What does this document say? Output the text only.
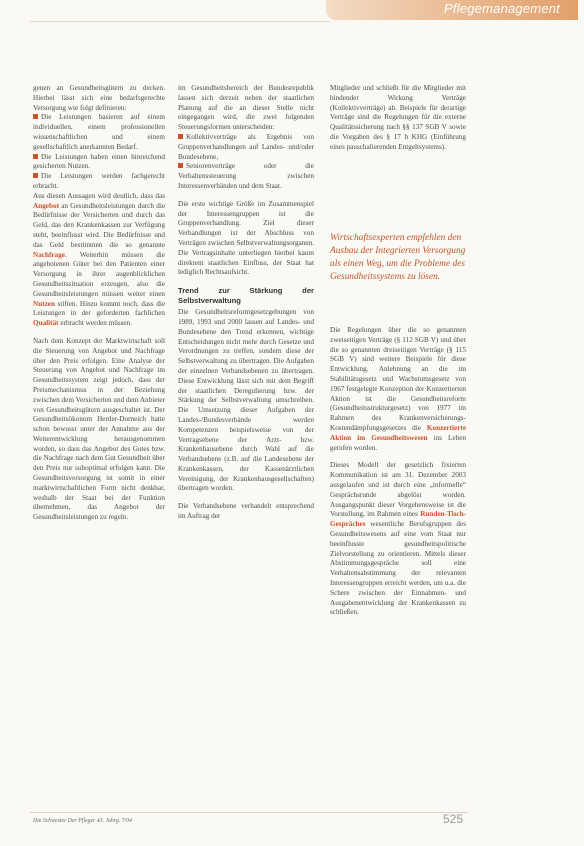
Pflegemanagement

genen an Gesundheitsgütern zu decken. Hierbei lässt sich eine bedarfsgerechte Versorgung wie folgt definieren:

Die Leistungen basieren auf einem individuellen, einem professionellen wissenschaftlichen und einem gesellschaftlich anerkannten Bedarf.

Die Leistungen haben einen hinreichend gesicherten Nutzen.

Die Leistungen werden fachgerecht erbracht.

Aus diesen Aussagen wird deutlich, dass das Angebot an Gesundheitsleistungen durch die Bedürfnisse der Versicherten und durch das Geld, das den Krankenkassen zur Verfügung steht, beeinflusst wird. Die Bedürfnisse und das Geld bestimmen die so genannte Nachfrage. Weiterhin müssen die angebotenen Güter bei den Patienten einer Versorgung in ihrer augenblicklichen Gesundheitssituation erzeugen, also die Gesundheitsleistungen müssen weiter einen Nutzen stiften. Hinzu kommt noch, dass die Leistungen in der geforderten fachlichen Qualität erbracht werden müssen.

Nach dem Konzept der Marktwirtschaft soll die Steuerung von Angebot und Nachfrage über den Preis erfolgen. Eine Analyse der Steuerung von Angebot und Nachfrage im Gesundheitssystem zeigt jedoch, dass der Preismechanismus in der Beziehung zwischen dem Versicherten und dem Anbieter von Gesundheitsgütern ausgeschaltet ist. Der Gesundheitsökonom Herder-Dorneich hatte schon bewusst unter der Annahme aus der Weiterentwicklung herausgenommen worden, so dass das Angebot des Gutes bzw. die Nachfrage nach dem Gut Gesundheit über den Preis nur suboptimal erfolgen kann. Die Gesundheitsversorgung ist somit in einer marktwirtschaftlichen Form nicht denkbar, weshalb der Staat bei der Funktion übernehmen, das Angebot der Gesundheitsleistungen zu regeln.

im Gesundheitsbereich der Bundesrepublik lassen sich derzeit neben der staatlichen Planung auf die an dieser Stelle nicht eingegangen wird, die zwei folgenden Steuerungsformen unterscheiden:

Kollektivverträge als Ergebnis von Gruppenverhandlungen auf Landes- und/oder Bundesebene,

Seniorenverträge oder die Verhaltenssteuerung zwischen Interessenverbänden und dem Staat.

Die erste wichtige Größe im Zusammenspiel der Interessengruppen ist die Gruppenverhandlung. Ziel dieser Verhandlungen ist der Abschluss von Verträgen zwischen Selbstverwaltungsorganen. Die Vertragsinhalte unterliegen hierbei kaum direktem staatlichen Einfluss, der Staat hat lediglich Rechtsaufsicht.

Trend zur Stärkung der Selbstverwaltung

Die Gesundheitsreformgesetzgebungen von 1989, 1993 und 2000 lassen auf Landes- und Bundesebene den Trend erkennen, wichtige Entscheidungen nicht mehr durch Gesetze und Verordnungen zu treffen, sondern diese der Selbstverwaltung zu übertragen. Die Aufgaben der einzelnen Verbandsebenen zu übertragen. Diese Entwicklung lässt sich mit dem Begriff der staatlichen Deregulierung bzw. der Stärkung der Selbstverwaltung umschreiben. Die Umsetzung dieser Aufgaben der Landes-/Bundesverbände werden Kompetenzen beispielsweise von der Vertragsebene der Arzt- bzw. Krankenhausebene durch Wahl auf die Verbandsebene (z.B. auf die Landesebene der Krankenkassen, der Kassenärztlichen Vereinigung, der Krankenhausgesellschaften) übertragen worden.

Die Verbandsebene verhandelt entsprechend im Auftrag der

Mitglieder und schließt für die Mitglieder mit bindender Wirkung Verträge (Kollektivverträge) ab. Beispiele für derartige Verträge sind die Regelungen für die externe Qualitätssicherung nach §§ 137 SGB V sowie die Vorgaben des § 17 b KHG (Einführung eines pauschalierenden Entgeltsystems).

Wirtschaftsexperten empfehlen den Ausbau der Integrierten Versorgung als einen Weg, um die Probleme des Gesundheitssystems zu lösen.

Die Regelungen über die so genannten zweiseitigen Verträge (§ 112 SGB V) und über die so genannten dreiseitigen Verträge (§ 115 SGB V) sind weitere Beispiele für diese Entwicklung. Anlehnung an die im Stabilitätsgesetz und Wachstumsgesetz von 1967 festgelegte Konzeption der Konzertierten Aktion ist die Gesundheitsreform (Gesundheitsstrukturgesetz) von 1977 im Rahmen des Krankenversicherungs-Kostendämpfungsgesetzes die Konzertierte Aktion im Gesundheitswesen ins Leben gerufen worden.

Dieses Modell der gesetzlich fixierten Kommunikation ist am 31. Dezember 2003 ausgelaufen und ist durch eine „informelle“ Gesprächsrunde abgelöst worden. Ausgangspunkt dieser Vorgehensweise ist die Vorstellung, im Rahmen eines Runden-Tisch-Gespräches wesentliche Berufsgruppen des Gesundheitswesens auf eine vom Staat nur beeinflusste gesundheitspolitische Zielvorstellung zu orientieren. Mittels dieser Abstimmungsgespräche soll eine Verhaltensabstimmung der relevanten Interessengruppen erreicht werden, um u.a. die Schere zwischen der Einnahmen- und Ausgabenentwicklung der Krankenkassen zu schließen.

Die Schwester Der Pfleger 43. Jahrg. 7/04	525
